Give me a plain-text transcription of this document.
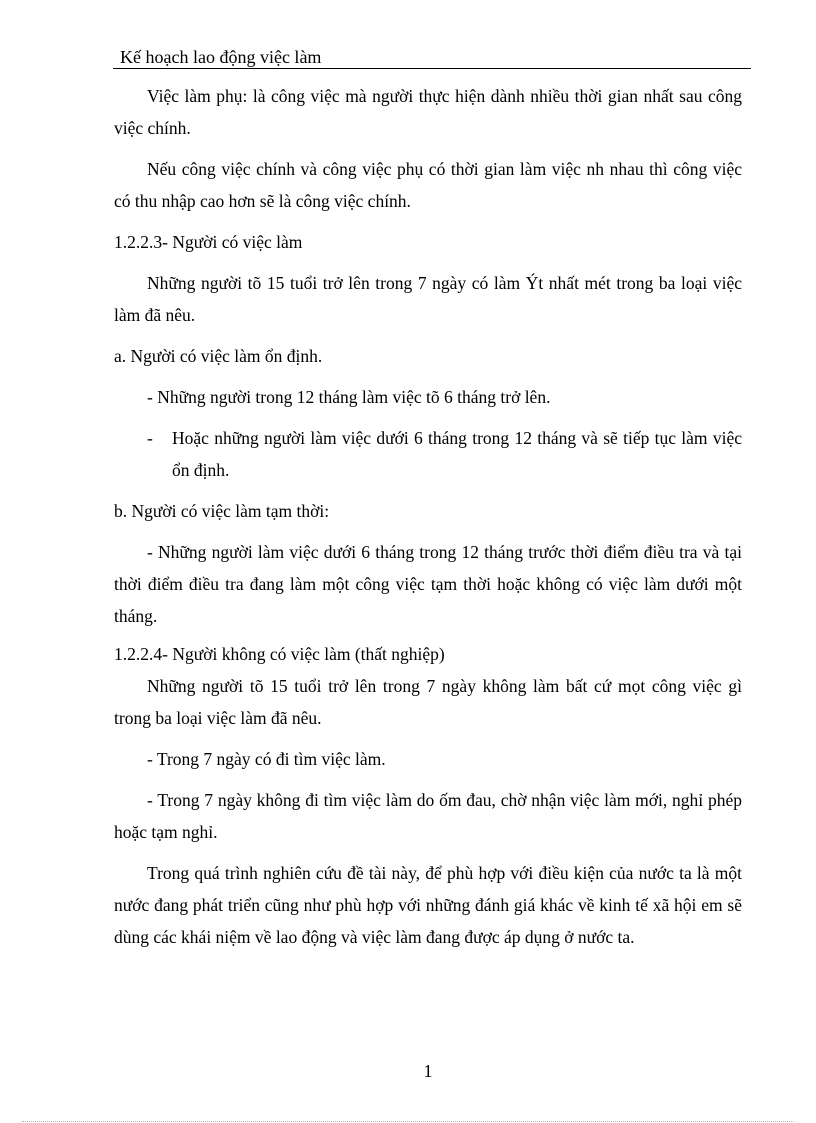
Kế hoạch lao động việc làm

Việc làm phụ: là công việc mà người thực hiện dành nhiều thời gian nhất sau công việc chính.

Nếu công việc chính và công việc phụ có thời gian làm việc nh nhau thì công việc có thu nhập cao hơn sẽ là công việc chính.

1.2.2.3- Người có việc làm

Những người tõ 15 tuổi trở lên trong 7 ngày có làm Ýt nhất mét trong ba loại việc làm đã nêu.

a. Người có việc làm ổn định.

- Những người trong 12 tháng làm việc tõ 6 tháng trở lên.

- Hoặc những người làm việc dưới 6 tháng trong 12 tháng và sẽ tiếp tục làm việc ổn định.

b. Người có việc làm tạm thời:

- Những người làm việc dưới 6 tháng trong 12 tháng trước thời điểm điều tra và tại thời điểm điều tra đang làm một công việc tạm thời hoặc không có việc làm dưới một tháng.

1.2.2.4- Người không có việc làm (thất nghiệp)

Những người tõ 15 tuổi trở lên trong 7 ngày không làm bất cứ mọt công việc gì trong ba loại việc làm đã nêu.

- Trong 7 ngày có đi tìm việc làm.

- Trong 7 ngày không đi tìm việc làm do ốm đau, chờ nhận việc làm mới, nghỉ phép hoặc tạm nghỉ.

Trong quá trình nghiên cứu đề tài này, để phù hợp với điều kiện của nước ta là một nước đang phát triển cũng như phù hợp với những đánh giá khác về kinh tế xã hội em sẽ dùng các khái niệm về lao động và việc làm đang được áp dụng ở nước ta.

1
